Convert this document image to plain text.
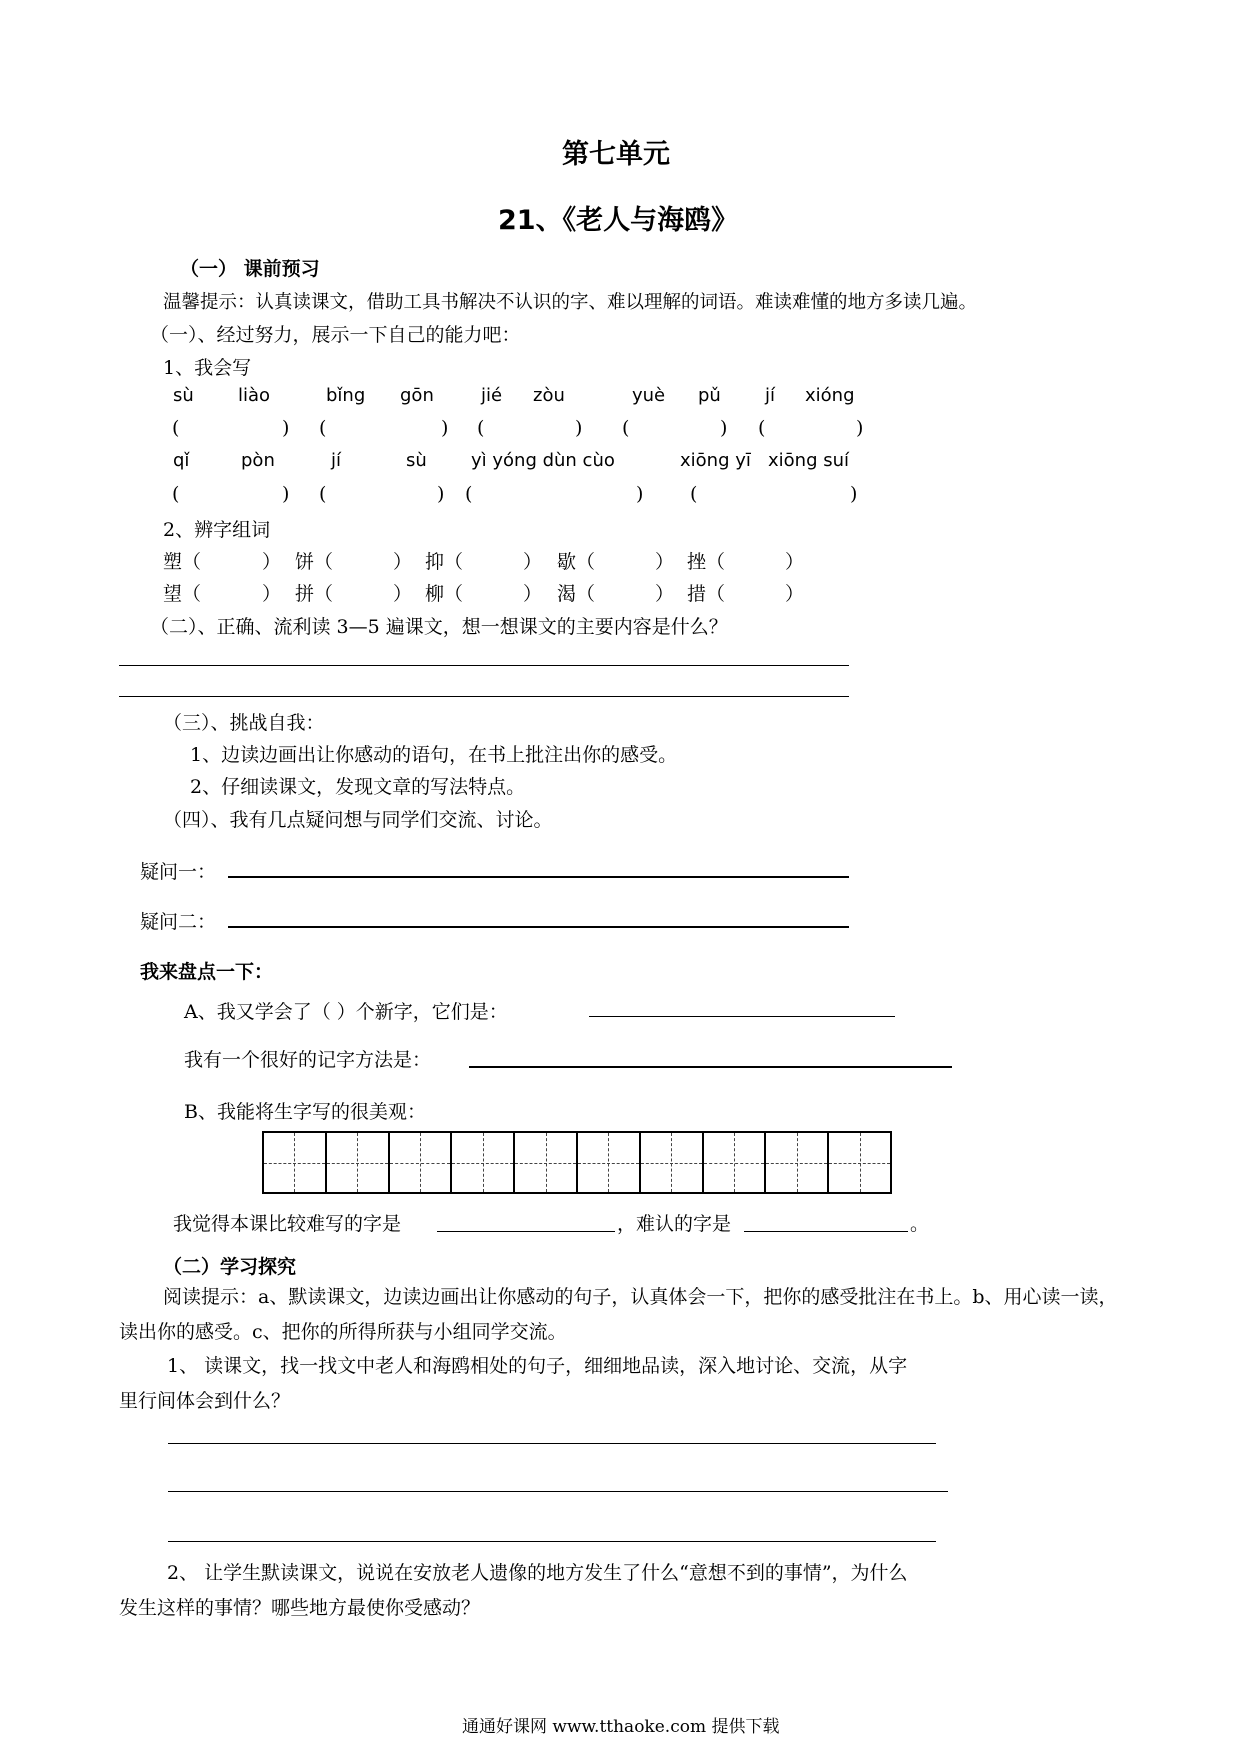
第七单元
21、《老人与海鸥》
（一） 课前预习
温馨提示：认真读课文，借助工具书解决不认识的字、难以理解的词语。难读难懂的地方多读几遍。
（一）、经过努力，展示一下自己的能力吧：
1、我会写
sù liào	bǐng gōn	jié zòu	yuè pǔ jí xióng
(	) (	) (	) (	) (	)
qǐ	pòn	jí	sù yì yóng dùn cùo	xiōng yī xiōng suí
(	) (	) (	) (	)
2、辨字组词
塑（	） 饼（	） 抑（	） 歇（	） 挫（	）
望（	） 拼（	） 柳（	） 渴（	） 措（	）
（二）、正确、流利读 3—5 遍课文，想一想课文的主要内容是什么？
（三）、挑战自我：
1、边读边画出让你感动的语句，在书上批注出你的感受。
2、仔细读课文，发现文章的写法特点。
（四）、我有几点疑问想与同学们交流、讨论。
疑问一：
疑问二：
我来盘点一下：
A、我又学会了（ ）个新字，它们是：
我有一个很好的记字方法是：
B、我能将生字写的很美观：
我觉得本课比较难写的字是	，难认的字是	。
（二）学习探究
阅读提示：a、默读课文，边读边画出让你感动的句子，认真体会一下，把你的感受批注在书上。b、用心读一读，读出你的感受。c、把你的所得所获与小组同学交流。
1、 读课文，找一找文中老人和海鸥相处的句子，细细地品读，深入地讨论、交流，从字里行间体会到什么？
2、 让学生默读课文，说说在安放老人遗像的地方发生了什么“意想不到的事情”，为什么发生这样的事情？哪些地方最使你受感动？
通通好课网 www.tthaoke.com 提供下载
